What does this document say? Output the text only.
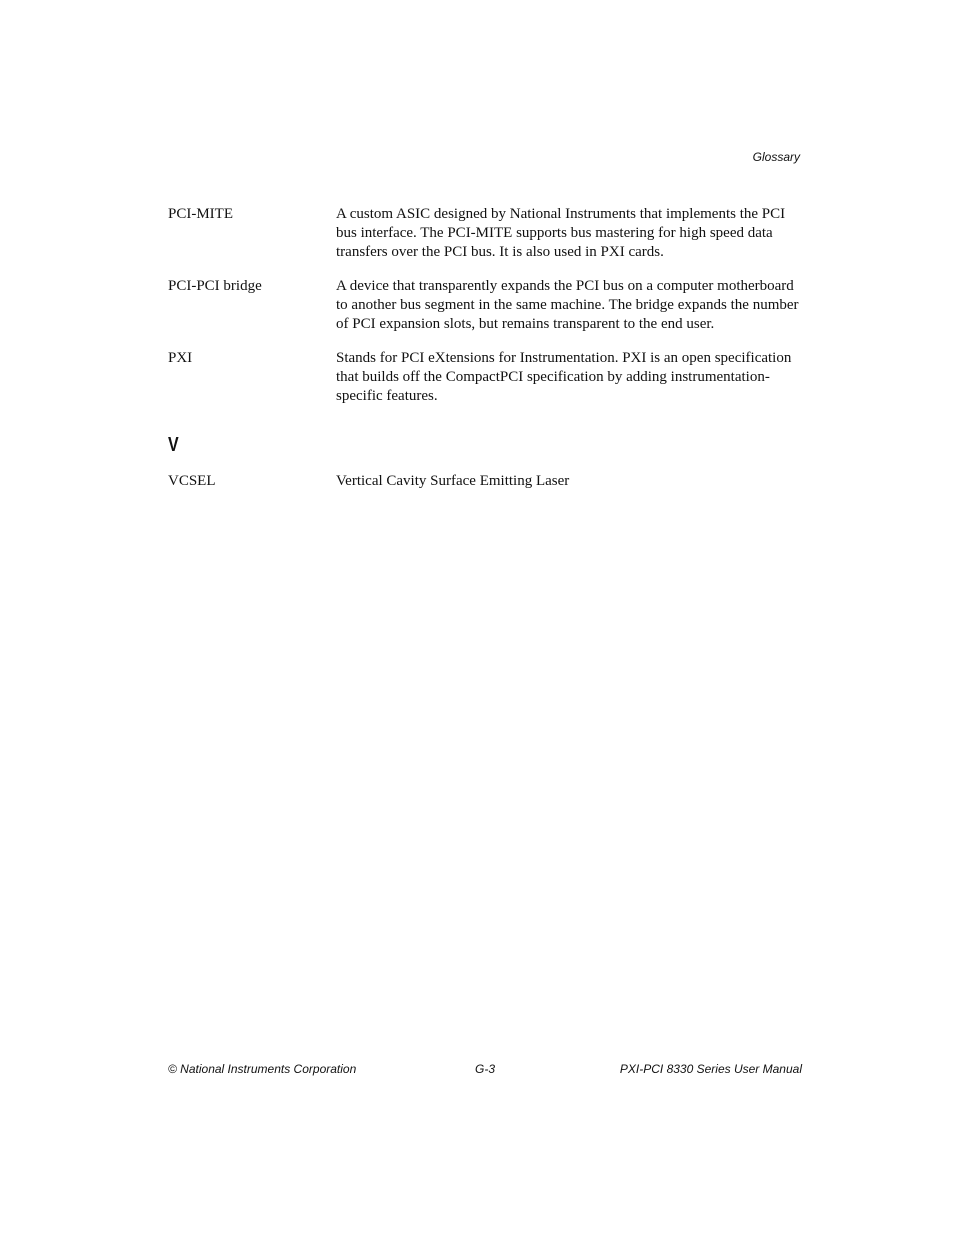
Glossary
PCI-MITE	A custom ASIC designed by National Instruments that implements the PCI bus interface. The PCI-MITE supports bus mastering for high speed data transfers over the PCI bus. It is also used in PXI cards.
PCI-PCI bridge	A device that transparently expands the PCI bus on a computer motherboard to another bus segment in the same machine. The bridge expands the number of PCI expansion slots, but remains transparent to the end user.
PXI	Stands for PCI eXtensions for Instrumentation. PXI is an open specification that builds off the CompactPCI specification by adding instrumentation-specific features.
V
VCSEL	Vertical Cavity Surface Emitting Laser
© National Instruments Corporation	G-3	PXI-PCI 8330 Series User Manual
